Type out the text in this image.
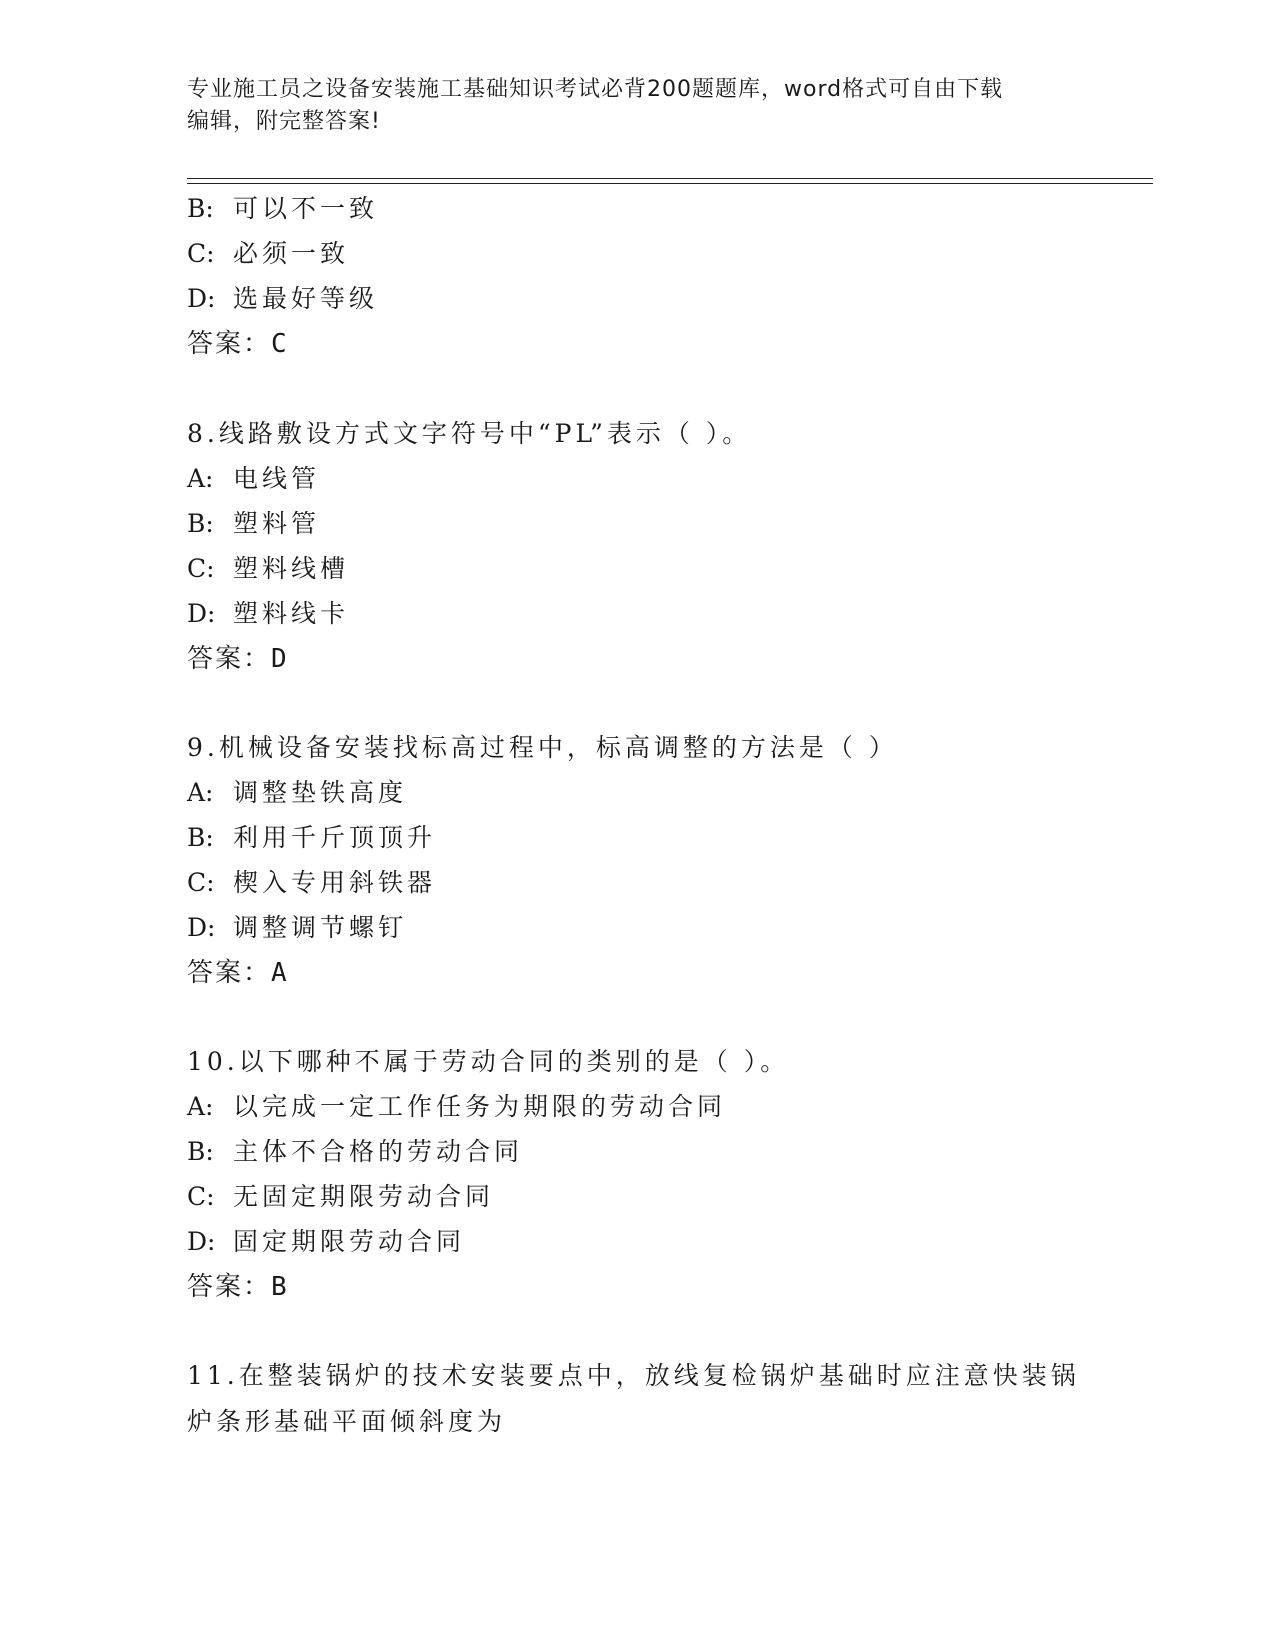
专业施工员之设备安装施工基础知识考试必背200题题库，word格式可自由下载
编辑，附完整答案!
B: 可以不一致
C: 必须一致
D: 选最好等级
答案：C
8.线路敷设方式文字符号中“PL”表示（ ）。
A: 电线管
B: 塑料管
C: 塑料线槽
D: 塑料线卡
答案：D
9.机械设备安装找标高过程中，标高调整的方法是（ ）
A: 调整垫铁高度
B: 利用千斤顶顶升
C: 楔入专用斜铁器
D: 调整调节螺钉
答案：A
10.以下哪种不属于劳动合同的类别的是（ ）。
A: 以完成一定工作任务为期限的劳动合同
B: 主体不合格的劳动合同
C: 无固定期限劳动合同
D: 固定期限劳动合同
答案：B
11.在整装锅炉的技术安装要点中，放线复检锅炉基础时应注意快装锅炉条形基础平面倾斜度为
